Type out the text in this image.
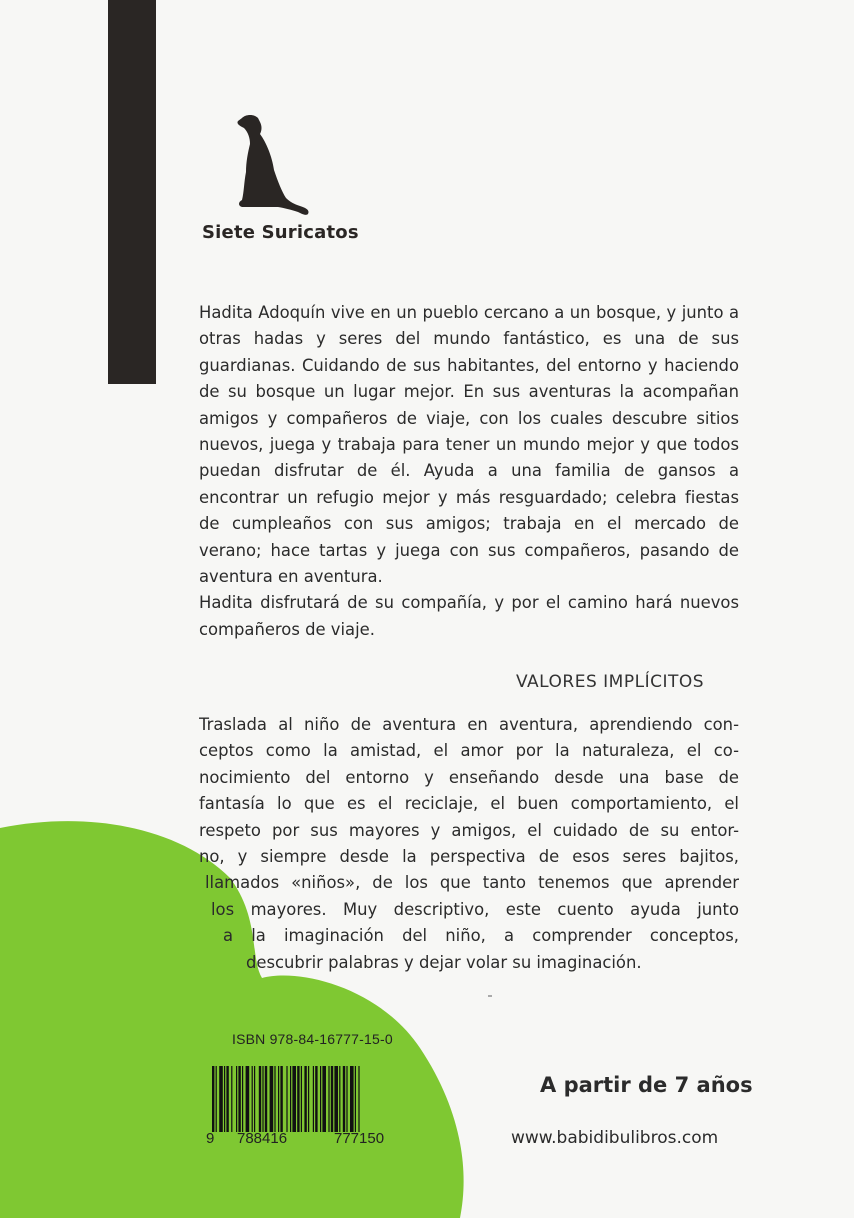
Siete Suricatos

Hadita Adoquín vive en un pueblo cercano a un bosque, y junto a otras hadas y seres del mundo fantástico, es una de sus guardianas. Cuidando de sus habitantes, del entorno y haciendo de su bosque un lugar mejor. En sus aventuras la acompañan amigos y compañeros de viaje, con los cuales descubre sitios nuevos, juega y trabaja para tener un mundo mejor y que todos puedan disfrutar de él. Ayuda a una familia de gansos a encontrar un refugio mejor y más resguardado; celebra fiestas de cumpleaños con sus amigos; trabaja en el mercado de verano; hace tartas y juega con sus compañeros, pasando de aventura en aventura.

Hadita disfrutará de su compañía, y por el camino hará nuevos compañeros de viaje.

VALORES IMPLÍCITOS
Traslada al niño de aventura en aventura, aprendiendo con-
ceptos como la amistad, el amor por la naturaleza, el co-
nocimiento del entorno y enseñando desde una base de
fantasía lo que es el reciclaje, el buen comportamiento, el
respeto por sus mayores y amigos, el cuidado de su entor-
no, y siempre desde la perspectiva de esos seres bajitos,
llamados «niños», de los que tanto tenemos que aprender
los mayores. Muy descriptivo, este cuento ayuda junto
a la imaginación del niño, a comprender conceptos,
descubrir palabras y dejar volar su imaginación.
ISBN 978-84-16777-15-0
9 788416	777150
A partir de 7 años
www.babidibulibros.com
